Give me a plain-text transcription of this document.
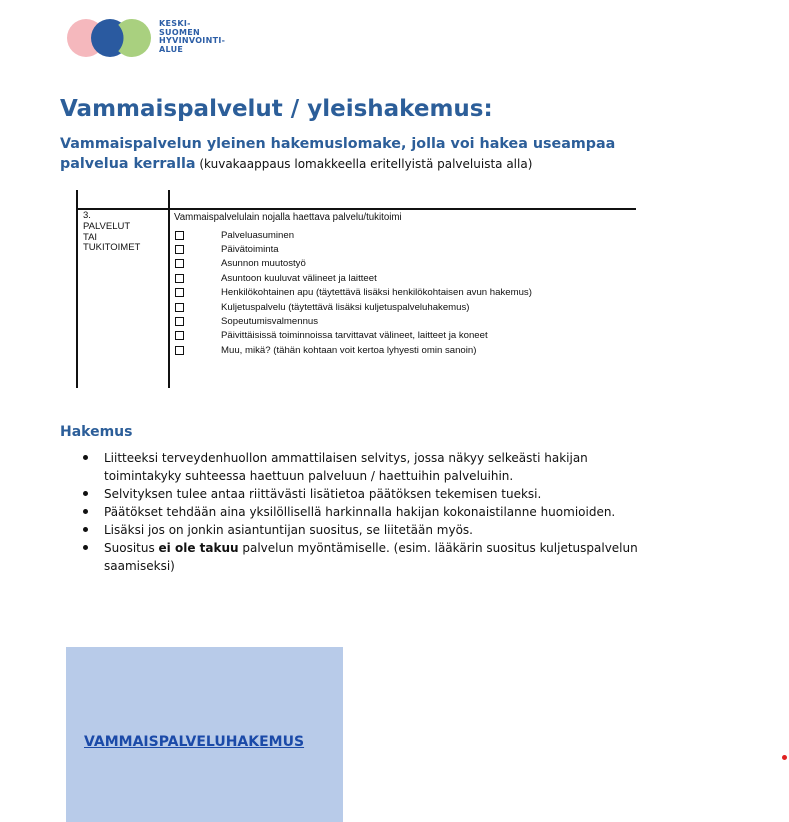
KESKI-
SUOMEN
HYVINVOINTI-
ALUE
Vammaispalvelut / yleishakemus:

Vammaispalvelun yleinen hakemuslomake, jolla voi hakea useampaa palvelua kerralla (kuvakaappaus lomakkeella eritellyistä palveluista alla)

3.
PALVELUT
TAI
TUKITOIMET
Vammaispalvelulain nojalla haettava palvelu/tukitoimi
Palveluasuminen
Päivätoiminta
Asunnon muutostyö
Asuntoon kuuluvat välineet ja laitteet
Henkilökohtainen apu (täytettävä lisäksi henkilökohtaisen avun hakemus)
Kuljetuspalvelu (täytettävä lisäksi kuljetuspalveluhakemus)
Sopeutumisvalmennus
Päivittäisissä toiminnoissa tarvittavat välineet, laitteet ja koneet
Muu, mikä? (tähän kohtaan voit kertoa lyhyesti omin sanoin)
Hakemus
Liitteeksi terveydenhuollon ammattilaisen selvitys, jossa näkyy selkeästi hakijan toimintakyky suhteessa haettuun palveluun / haettuihin palveluihin.
Selvityksen tulee antaa riittävästi lisätietoa päätöksen tekemisen tueksi.
Päätökset tehdään aina yksilöllisellä harkinnalla hakijan kokonaistilanne huomioiden.
Lisäksi jos on jonkin asiantuntijan suositus, se liitetään myös.
Suositus ei ole takuu palvelun myöntämiselle. (esim. lääkärin suositus kuljetuspalvelun saamiseksi)
VAMMAISPALVELUHAKEMUS
